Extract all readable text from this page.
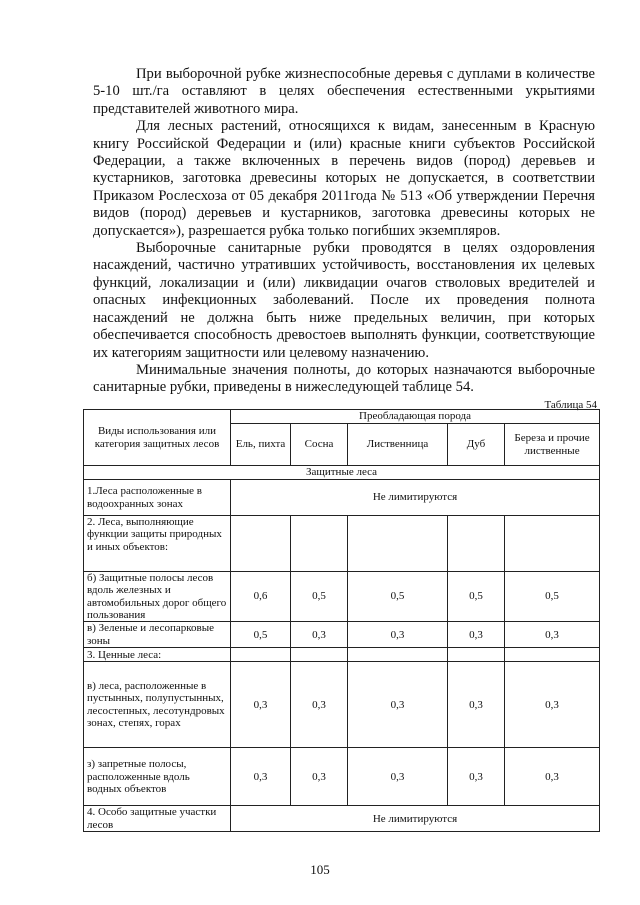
При выборочной рубке жизнеспособные деревья с дуплами в количестве 5-10 шт./га оставляют в целях обеспечения естественными укрытиями представителей животного мира.

Для лесных растений, относящихся к видам, занесенным в Красную книгу Российской Федерации и (или) красные книги субъектов Российской Федерации, а также включенных в перечень видов (пород) деревьев и кустарников, заготовка древесины которых не допускается, в соответствии Приказом Рослесхоза от 05 декабря 2011года № 513 «Об утверждении Перечня видов (пород) деревьев и кустарников, заготовка древесины которых не допускается»), разрешается рубка только погибших экземпляров.

Выборочные санитарные рубки проводятся в целях оздоровления насаждений, частично утративших устойчивость, восстановления их целевых функций, локализации и (или) ликвидации очагов стволовых вредителей и опасных инфекционных заболеваний. После их проведения полнота насаждений не должна быть ниже предельных величин, при которых обеспечивается способность древостоев выполнять функции, соответствующие их категориям защитности или целевому назначению.

Минимальные значения полноты, до которых назначаются выборочные санитарные рубки, приведены в нижеследующей таблице 54.

Таблица 54
Виды использования или категория защитных лесов	Преобладающая порода				
	Ель, пихта	Сосна	Лиственница	Дуб	Береза и прочие лиственные
Защитные леса					
1.Леса расположенные в водоохранных зонах	Не лимитируются				
2. Леса, выполняющие функции защиты природных и иных объектов:					
б) Защитные полосы лесов вдоль железных и автомобильных дорог общего пользования	0,6	0,5	0,5	0,5	0,5
в) Зеленые и лесопарковые зоны	0,5	0,3	0,3	0,3	0,3
3. Ценные леса:					
в) леса, расположенные в пустынных, полупустынных, лесостепных, лесотундровых зонах, степях, горах	0,3	0,3	0,3	0,3	0,3
з) запретные полосы, расположенные вдоль водных объектов	0,3	0,3	0,3	0,3	0,3
4. Особо защитные участки лесов	Не лимитируются				
105
